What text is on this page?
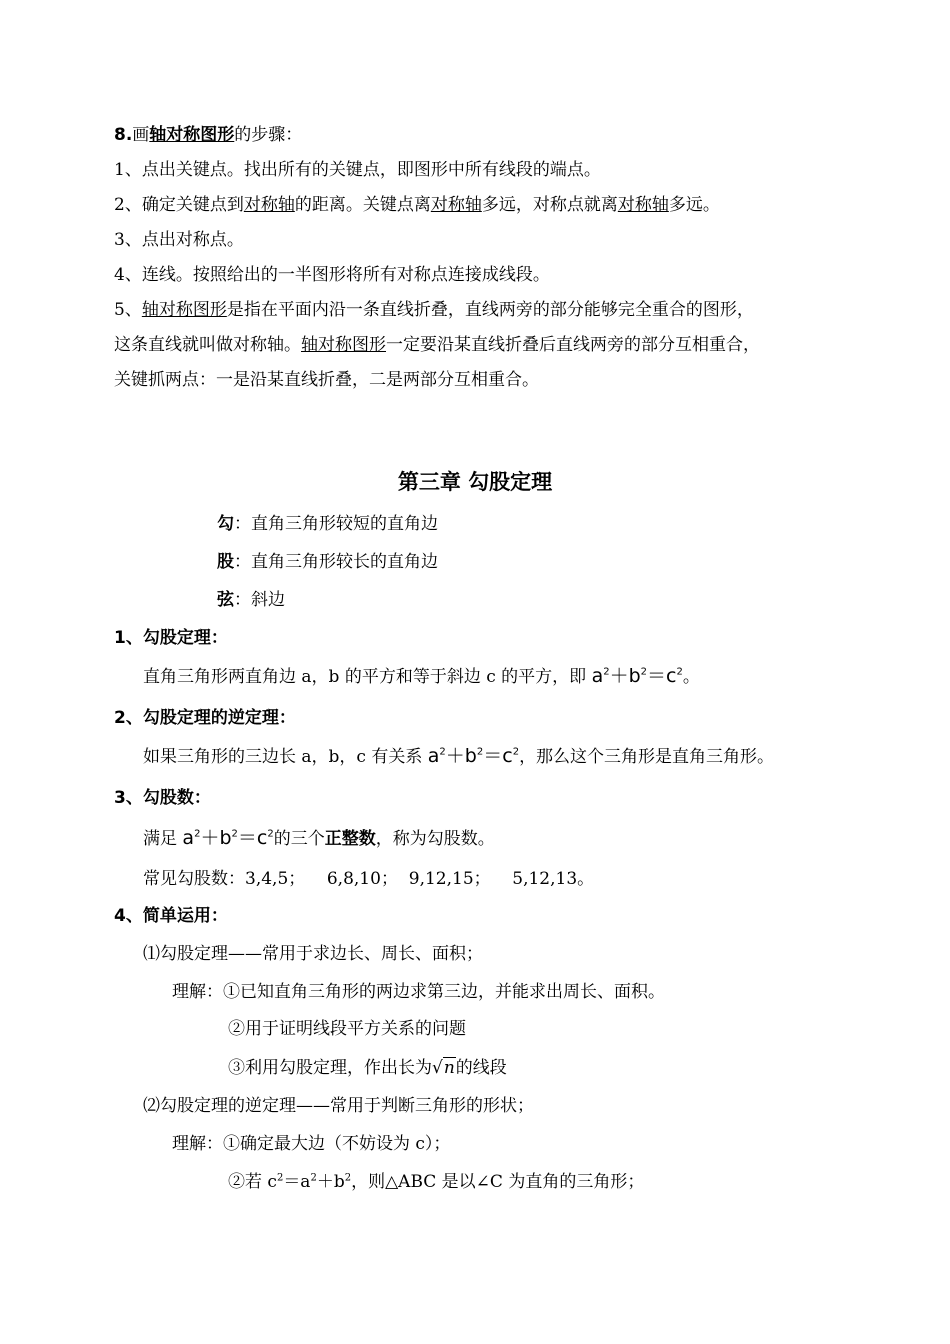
8.画轴对称图形的步骤：
1、点出关键点。找出所有的关键点，即图形中所有线段的端点。
2、确定关键点到对称轴的距离。关键点离对称轴多远，对称点就离对称轴多远。
3、点出对称点。
4、连线。按照给出的一半图形将所有对称点连接成线段。
5、轴对称图形是指在平面内沿一条直线折叠，直线两旁的部分能够完全重合的图形，
这条直线就叫做对称轴。轴对称图形一定要沿某直线折叠后直线两旁的部分互相重合，
关键抓两点：一是沿某直线折叠，二是两部分互相重合。
第三章 勾股定理
勾：直角三角形较短的直角边
股：直角三角形较长的直角边
弦：斜边
1、勾股定理：
直角三角形两直角边 a，b 的平方和等于斜边 c 的平方，即 $a^2+b^2=c^2$。
2、勾股定理的逆定理：
如果三角形的三边长 a，b，c 有关系 $a^2+b^2=c^2$，那么这个三角形是直角三角形。
3、勾股数：
满足 $a^2+b^2=c^2$的三个正整数，称为勾股数。
常见勾股数：3,4,5；    6,8,10；  9,12,15；    5,12,13。
4、简单运用：
⑴勾股定理——常用于求边长、周长、面积；
理解：①已知直角三角形的两边求第三边，并能求出周长、面积。
②用于证明线段平方关系的问题
③利用勾股定理，作出长为√n的线段
⑵勾股定理的逆定理——常用于判断三角形的形状；
理解：①确定最大边（不妨设为 c）；
②若 $c^2=a^2+b^2$，则△ABC 是以∠C 为直角的三角形；
